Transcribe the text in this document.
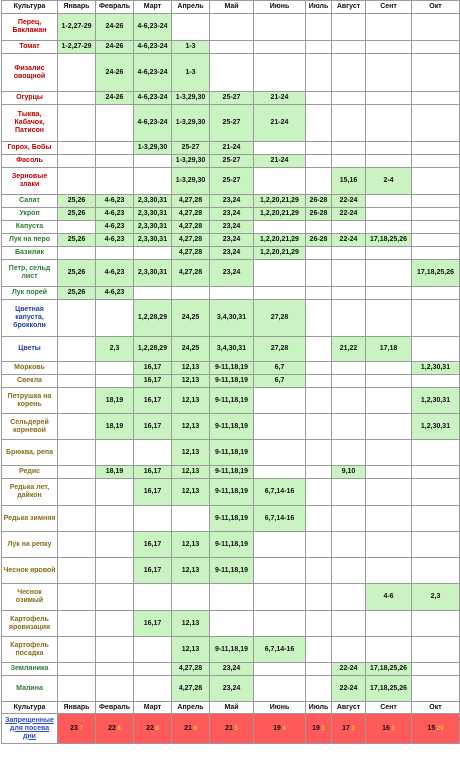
Культура	Январь	Февраль	Март	Апрель	Май	Июнь	Июль	Август	Сент	Окт
Перец, Баклажан	1-2,27-29	24-26	4-6,23-24							
Томат	1-2,27-29	24-26	4-6,23-24	1-3						
Физалис овощной		24-26	4-6,23-24	1-3						
Огурцы		24-26	4-6,23-24	1-3,29,30	25-27	21-24				
Тыква, Кабачок, Патисон			4-6,23-24	1-3,29,30	25-27	21-24				
Горох, Бобы			1-3,29,30	25-27	21-24					
Фасоль				1-3,29,30	25-27	21-24				
Зерновые злаки				1-3,29,30	25-27			15,16	2-4	
Салат	25,26	4-6,23	2,3,30,31	4,27,28	23,24	1,2,20,21,29	26-28	22-24		
Укроп	25,26	4-6,23	2,3,30,31	4,27,28	23,24	1,2,20,21,29	26-28	22-24		
Капуста		4-6,23	2,3,30,31	4,27,28	23,24					
Лук на перо	25,26	4-6,23	2,3,30,31	4,27,28	23,24	1,2,20,21,29	26-28	22-24	17,18,25,26	
Базилик				4,27,28	23,24	1,2,20,21,29				
Петр, сельд лист	25,26	4-6,23	2,3,30,31	4,27,28	23,24					17,18,25,26
Лук порей	25,26	4-6,23								
Цветная капуста, брокколи			1,2,28,29	24,25	3,4,30,31	27,28				
Цветы		2,3	1,2,28,29	24,25	3,4,30,31	27,28		21,22	17,18	
Морковь			16,17	12,13	9-11,18,19	6,7				1,2,30,31
Свекла			16,17	12,13	9-11,18,19	6,7				
Петрушка на корень		18,19	16,17	12,13	9-11,18,19					1,2,30,31
Сельдерей корневой		18,19	16,17	12,13	9-11,18,19					1,2,30,31
Брюква, репа				12,13	9-11,18,19					
Редис		18,19	16,17	12,13	9-11,18,19			9,10		
Редька лет, дайкон			16,17	12,13	9-11,18,19	6,7,14-16				
Редька зимняя					9-11,18,19	6,7,14-16				
Лук на репку			16,17	12,13	9-11,18,19					
Чеснок яровой			16,17	12,13	9-11,18,19					
Чеснок озимый									4-6	2,3
Картофель яровизация			16,17	12,13						
Картофель посадка				12,13	9-11,18,19	6,7,14-16				
Земляника				4,27,28	23,24			22-24	17,18,25,26	
Малина				4,27,28	23,24			22-24	17,18,25,26	
Культура	Январь	Февраль	Март	Апрель	Май	Июнь	Июль	Август	Сент	Окт
Запрещенные для посева дни	23 7	22 6	22 8	21 6	21 5	19 4	19 3	17 2	16 1	15 29
